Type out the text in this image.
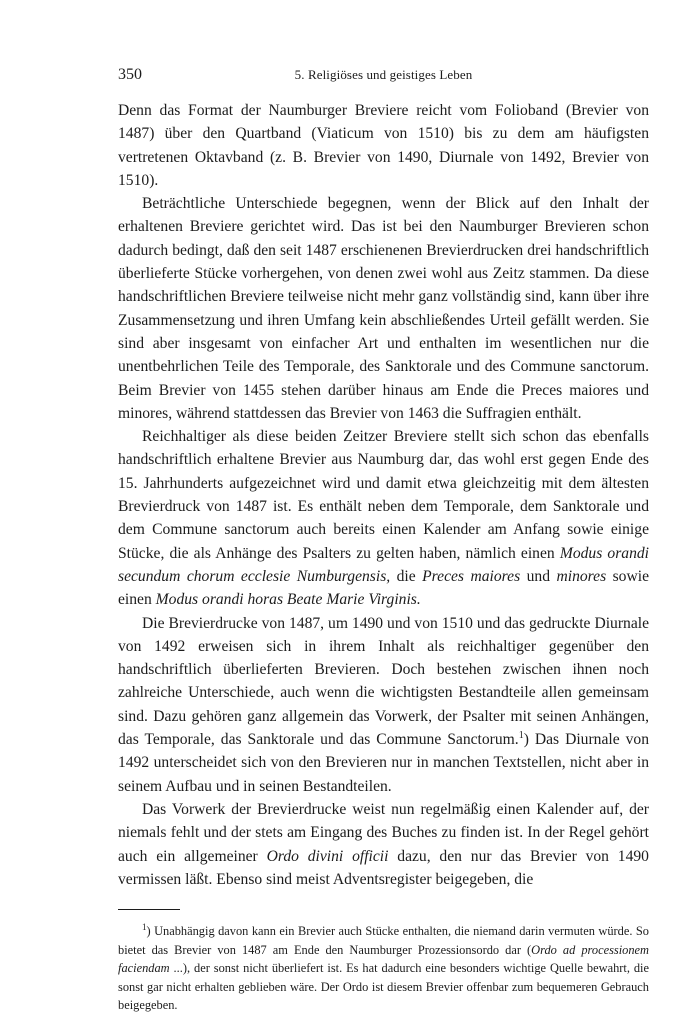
350	5. Religiöses und geistiges Leben

Denn das Format der Naumburger Breviere reicht vom Folioband (Brevier von 1487) über den Quartband (Viaticum von 1510) bis zu dem am häufigsten vertretenen Oktavband (z. B. Brevier von 1490, Diurnale von 1492, Brevier von 1510).

Beträchtliche Unterschiede begegnen, wenn der Blick auf den Inhalt der erhaltenen Breviere gerichtet wird. Das ist bei den Naumburger Brevieren schon dadurch bedingt, daß den seit 1487 erschienenen Brevierdrucken drei handschriftlich überlieferte Stücke vorhergehen, von denen zwei wohl aus Zeitz stammen. Da diese handschriftlichen Breviere teilweise nicht mehr ganz vollständig sind, kann über ihre Zusammensetzung und ihren Umfang kein abschließendes Urteil gefällt werden. Sie sind aber insgesamt von einfacher Art und enthalten im wesentlichen nur die unentbehrlichen Teile des Temporale, des Sanktorale und des Commune sanctorum. Beim Brevier von 1455 stehen darüber hinaus am Ende die Preces maiores und minores, während stattdessen das Brevier von 1463 die Suffragien enthält.

Reichhaltiger als diese beiden Zeitzer Breviere stellt sich schon das ebenfalls handschriftlich erhaltene Brevier aus Naumburg dar, das wohl erst gegen Ende des 15. Jahrhunderts aufgezeichnet wird und damit etwa gleichzeitig mit dem ältesten Brevierdruck von 1487 ist. Es enthält neben dem Temporale, dem Sanktorale und dem Commune sanctorum auch bereits einen Kalender am Anfang sowie einige Stücke, die als Anhänge des Psalters zu gelten haben, nämlich einen Modus orandi secundum chorum ecclesie Numburgensis, die Preces maiores und minores sowie einen Modus orandi horas Beate Marie Virginis.

Die Brevierdrucke von 1487, um 1490 und von 1510 und das gedruckte Diurnale von 1492 erweisen sich in ihrem Inhalt als reichhaltiger gegenüber den handschriftlich überlieferten Brevieren. Doch bestehen zwischen ihnen noch zahlreiche Unterschiede, auch wenn die wichtigsten Bestandteile allen gemeinsam sind. Dazu gehören ganz allgemein das Vorwerk, der Psalter mit seinen Anhängen, das Temporale, das Sanktorale und das Commune Sanctorum.$^1$) Das Diurnale von 1492 unterscheidet sich von den Brevieren nur in manchen Textstellen, nicht aber in seinem Aufbau und in seinen Bestandteilen.

Das Vorwerk der Brevierdrucke weist nun regelmäßig einen Kalender auf, der niemals fehlt und der stets am Eingang des Buches zu finden ist. In der Regel gehört auch ein allgemeiner Ordo divini officii dazu, den nur das Brevier von 1490 vermissen läßt. Ebenso sind meist Adventsregister beigegeben, die

$^1$) Unabhängig davon kann ein Brevier auch Stücke enthalten, die niemand darin vermuten würde. So bietet das Brevier von 1487 am Ende den Naumburger Prozessionsordo dar (Ordo ad processionem faciendam ...), der sonst nicht überliefert ist. Es hat dadurch eine besonders wichtige Quelle bewahrt, die sonst gar nicht erhalten geblieben wäre. Der Ordo ist diesem Brevier offenbar zum bequemeren Gebrauch beigegeben.
